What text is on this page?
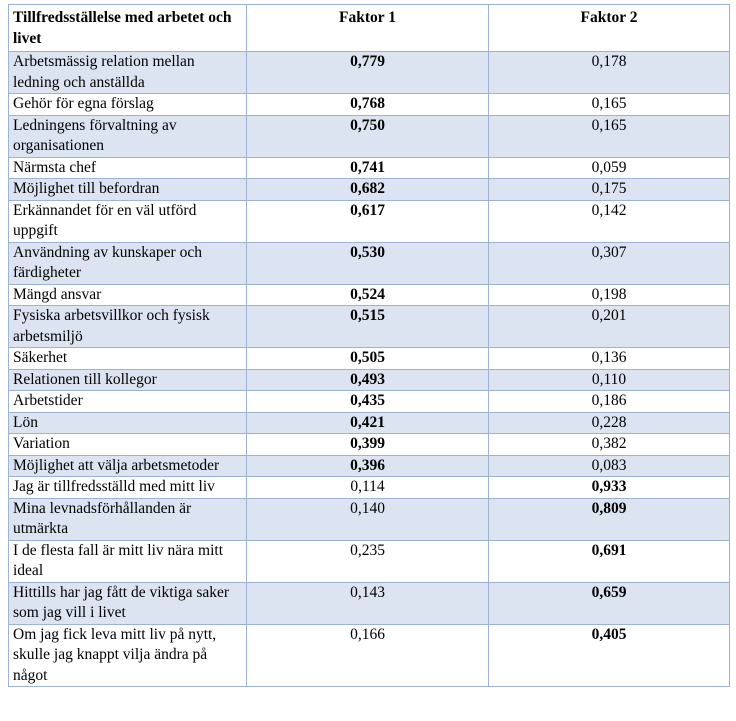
Tillfredsställelse med arbetet och livet	Faktor 1	Faktor 2
Arbetsmässig relation mellan ledning och anställda	0,779	0,178
Gehör för egna förslag	0,768	0,165
Ledningens förvaltning av organisationen	0,750	0,165
Närmsta chef	0,741	0,059
Möjlighet till befordran	0,682	0,175
Erkännandet för en väl utförd uppgift	0,617	0,142
Användning av kunskaper och färdigheter	0,530	0,307
Mängd ansvar	0,524	0,198
Fysiska arbetsvillkor och fysisk arbetsmiljö	0,515	0,201
Säkerhet	0,505	0,136
Relationen till kollegor	0,493	0,110
Arbetstider	0,435	0,186
Lön	0,421	0,228
Variation	0,399	0,382
Möjlighet att välja arbetsmetoder	0,396	0,083
Jag är tillfredsställd med mitt liv	0,114	0,933
Mina levnadsförhållanden är utmärkta	0,140	0,809
I de flesta fall är mitt liv nära mitt ideal	0,235	0,691
Hittills har jag fått de viktiga saker som jag vill i livet	0,143	0,659
Om jag fick leva mitt liv på nytt, skulle jag knappt vilja ändra på något	0,166	0,405
